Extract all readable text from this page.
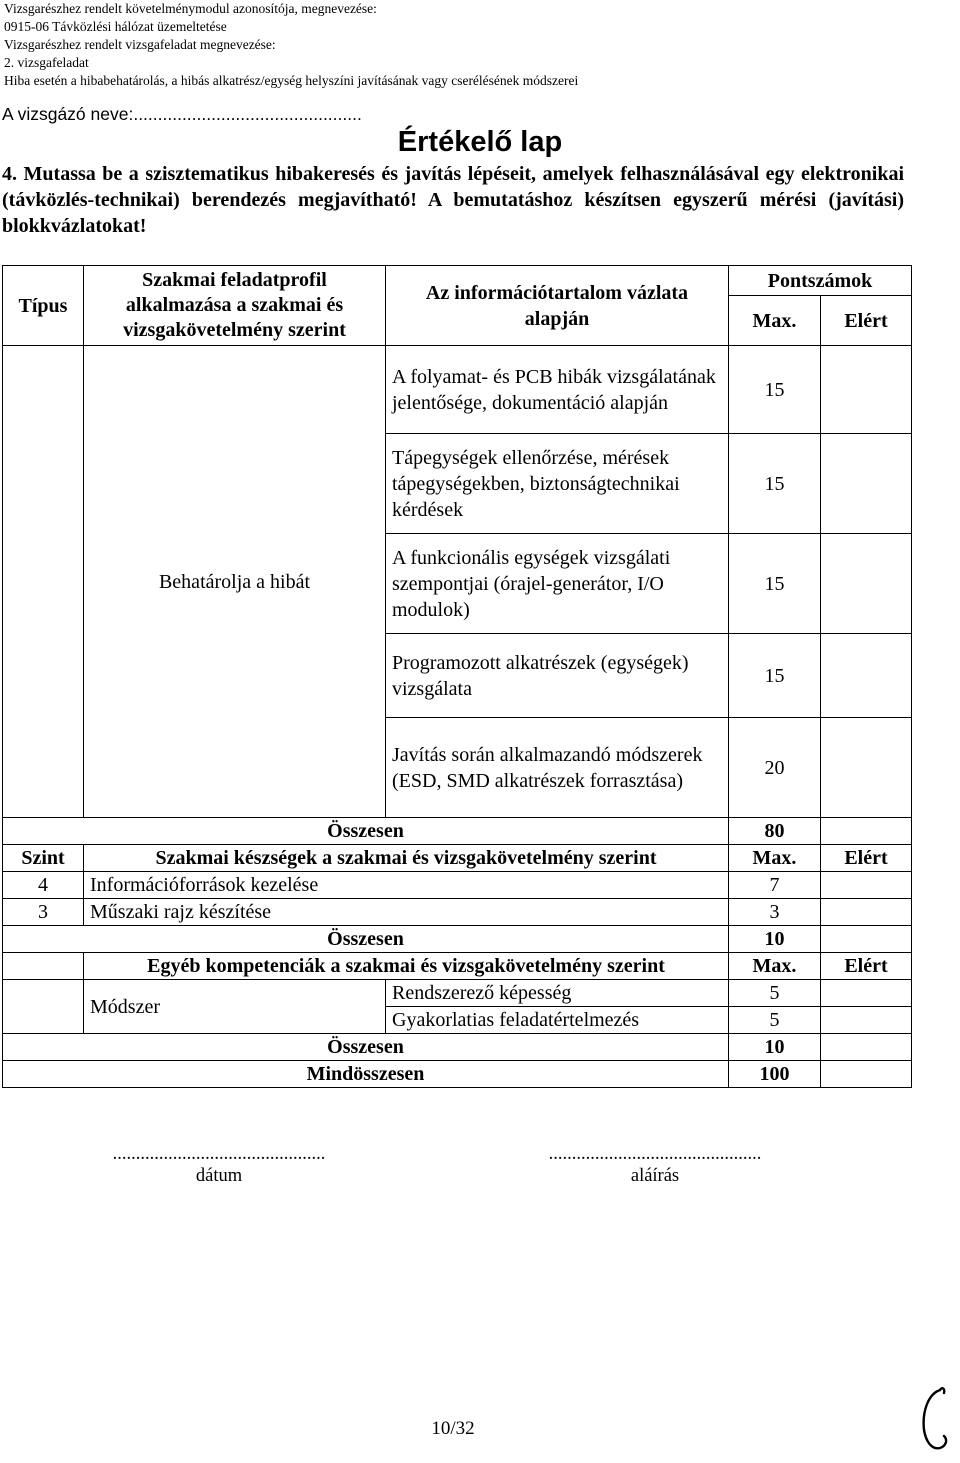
Vizsgarészhez rendelt követelménymodul azonosítója, megnevezése:
0915-06 Távközlési hálózat üzemeltetése
Vizsgarészhez rendelt vizsgafeladat megnevezése:
2. vizsgafeladat
Hiba esetén a hibabehatárolás, a hibás alkatrész/egység helyszíni javításának vagy cserélésének módszerei
A vizsgázó neve:...............................................
Értékelő lap
4. Mutassa be a szisztematikus hibakeresés és javítás lépéseit, amelyek felhasználásával egy elektronikai (távközlés-technikai) berendezés megjavítható! A bemutatáshoz készítsen egyszerű mérési (javítási) blokkvázlatokat!
Típus	Szakmai feladatprofil alkalmazása a szakmai és vizsgakövetelmény szerint	Az információtartalom vázlata alapján	Pontszámok	
			Max.	Elért
	Behatárolja a hibát	A folyamat- és PCB hibák vizsgálatának jelentősége, dokumentáció alapján	15	
		Tápegységek ellenőrzése, mérések tápegységekben, biztonságtechnikai kérdések	15	
		A funkcionális egységek vizsgálati szempontjai (órajel-generátor, I/O modulok)	15	
		Programozott alkatrészek (egységek) vizsgálata	15	
		Javítás során alkalmazandó módszerek (ESD, SMD alkatrészek forrasztása)	20	
Összesen			80	
Szint	Szakmai készségek a szakmai és vizsgakövetelmény szerint		Max.	Elért
4	Információforrások kezelése		7	
3	Műszaki rajz készítése		3	
Összesen			10	
	Egyéb kompetenciák a szakmai és vizsgakövetelmény szerint		Max.	Elért
	Módszer	Rendszerező képesség	5	
		Gyakorlatias feladatértelmezés	5	
Összesen			10	
Mindösszesen			100	
..............................................
dátum
..............................................
aláírás
10/32
